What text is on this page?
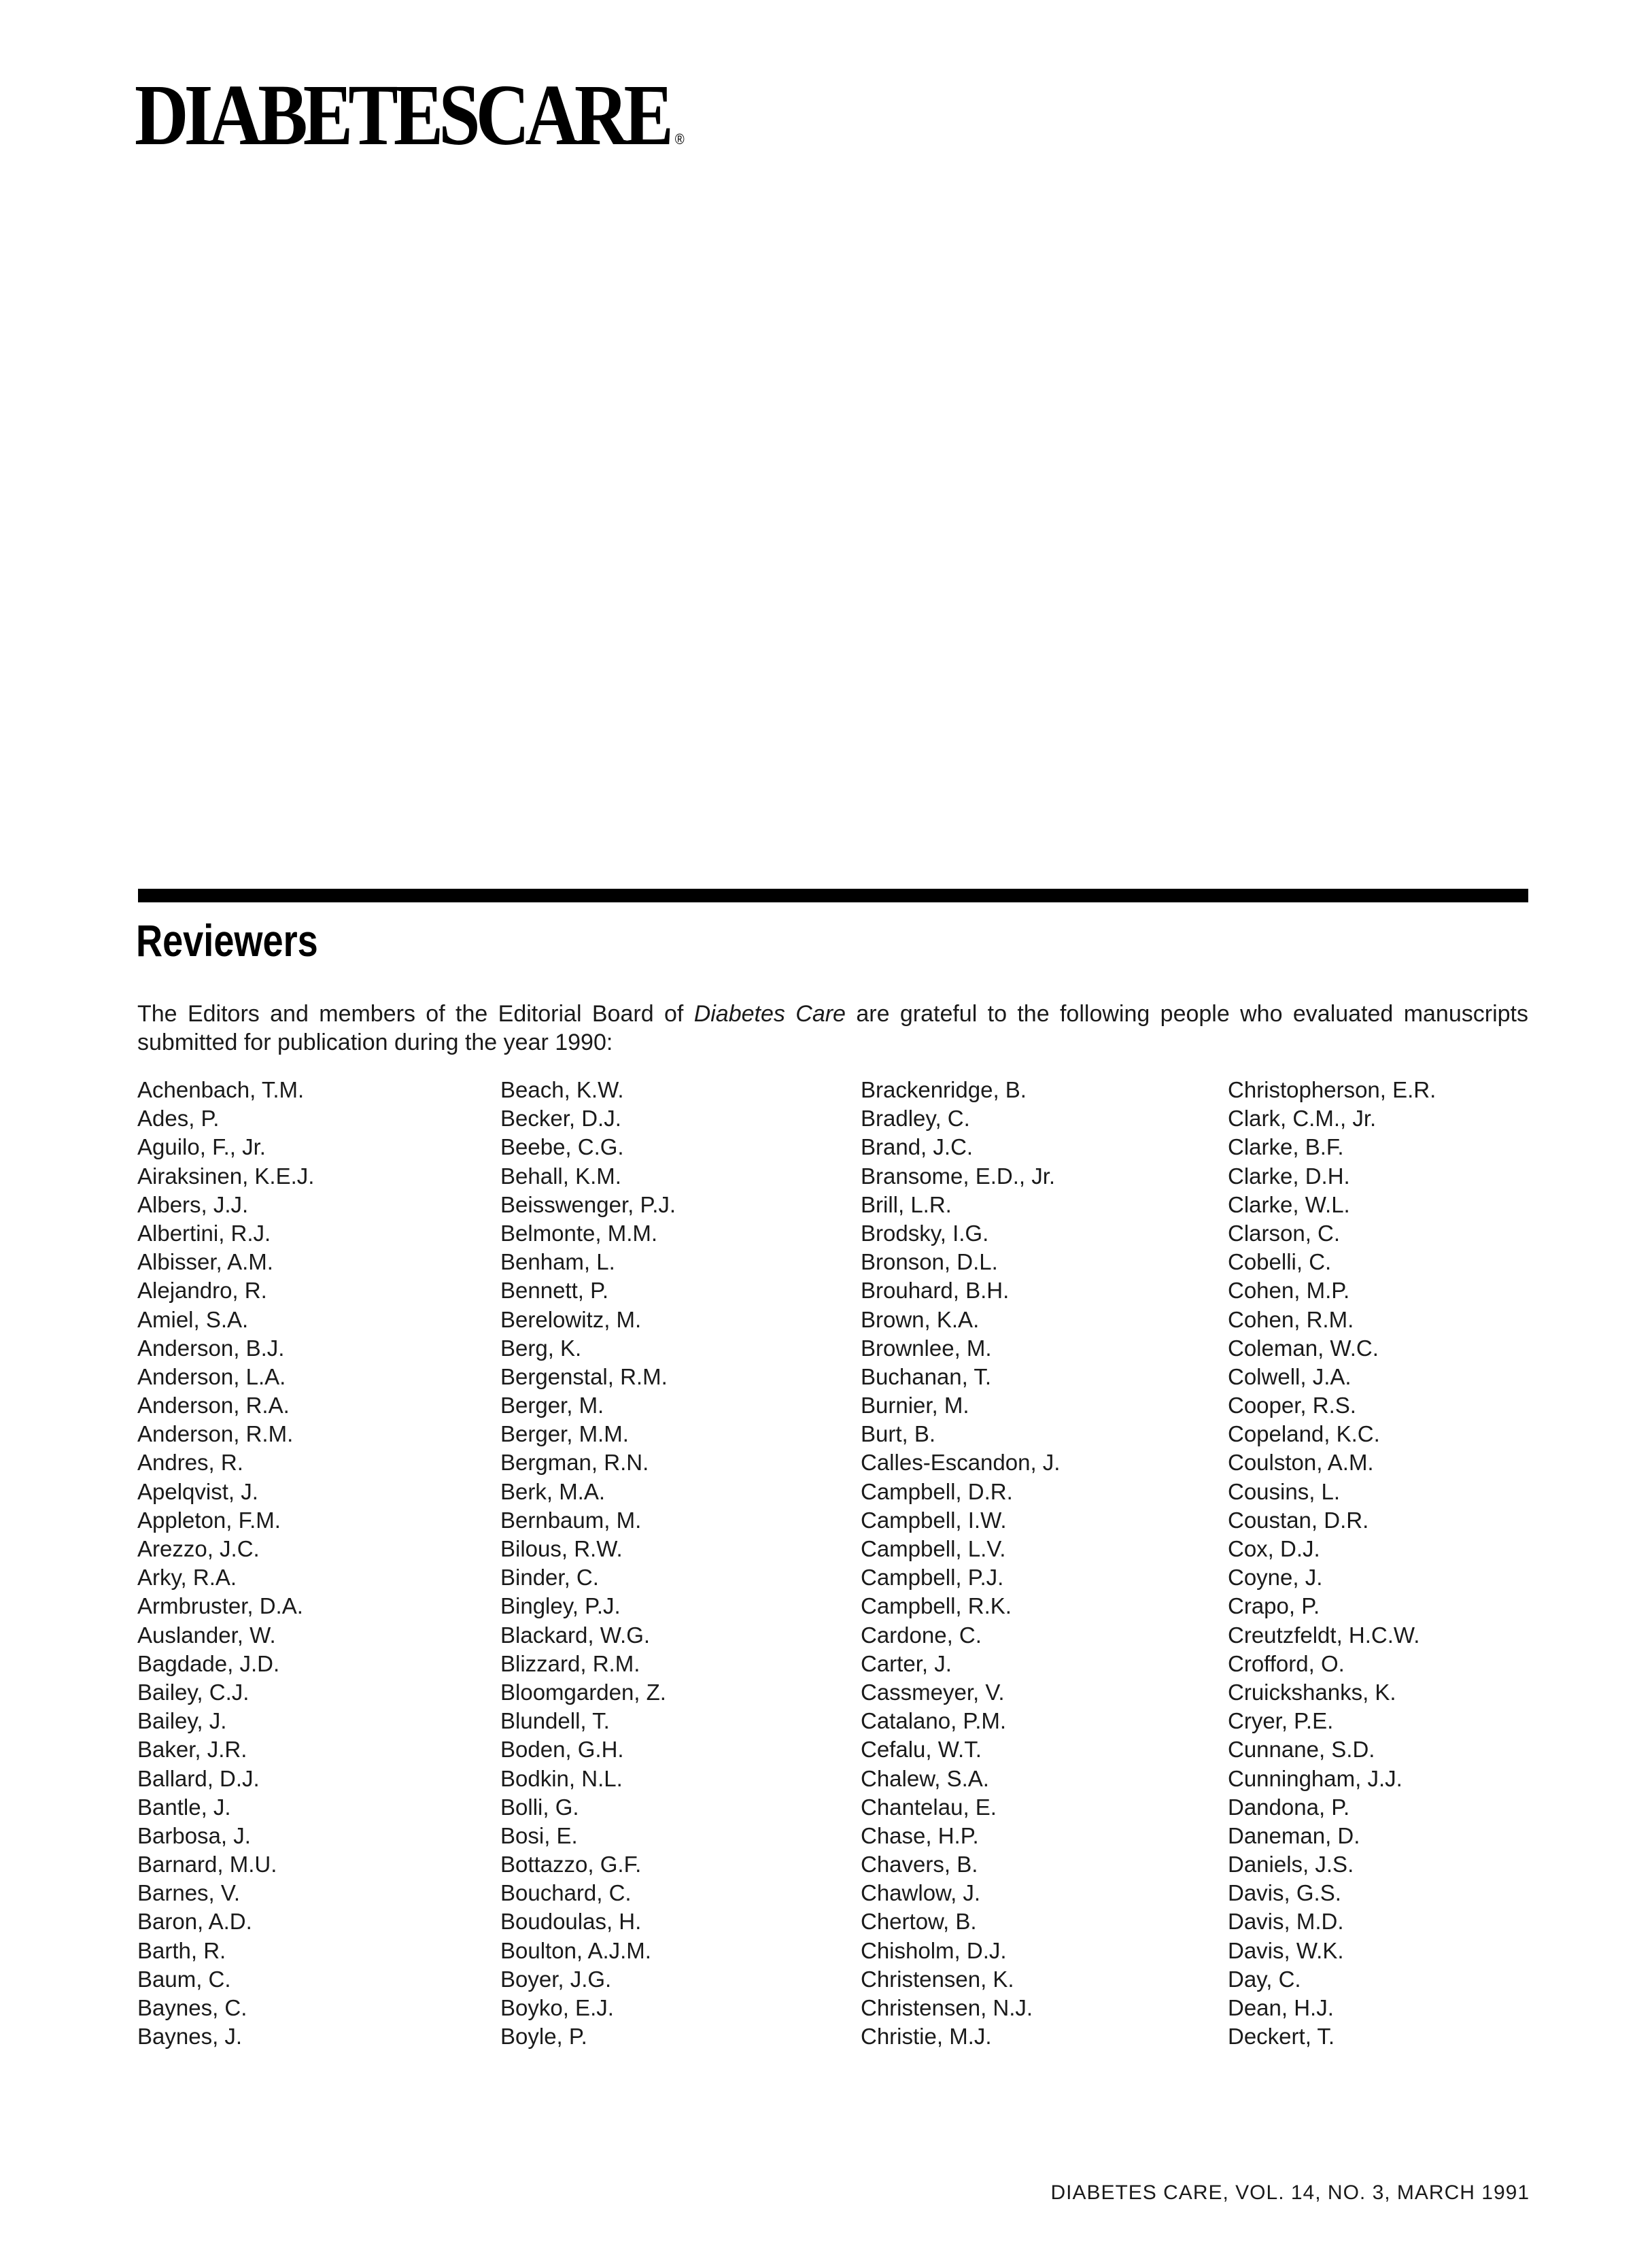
DIABETESCARE ®
Reviewers

The Editors and members of the Editorial Board of Diabetes Care are grateful to the following people who evaluated manuscripts submitted for publication during the year 1990:

Achenbach, T.M.
Ades, P.
Aguilo, F., Jr.
Airaksinen, K.E.J.
Albers, J.J.
Albertini, R.J.
Albisser, A.M.
Alejandro, R.
Amiel, S.A.
Anderson, B.J.
Anderson, L.A.
Anderson, R.A.
Anderson, R.M.
Andres, R.
Apelqvist, J.
Appleton, F.M.
Arezzo, J.C.
Arky, R.A.
Armbruster, D.A.
Auslander, W.
Bagdade, J.D.
Bailey, C.J.
Bailey, J.
Baker, J.R.
Ballard, D.J.
Bantle, J.
Barbosa, J.
Barnard, M.U.
Barnes, V.
Baron, A.D.
Barth, R.
Baum, C.
Baynes, C.
Baynes, J.
Beach, K.W.
Becker, D.J.
Beebe, C.G.
Behall, K.M.
Beisswenger, P.J.
Belmonte, M.M.
Benham, L.
Bennett, P.
Berelowitz, M.
Berg, K.
Bergenstal, R.M.
Berger, M.
Berger, M.M.
Bergman, R.N.
Berk, M.A.
Bernbaum, M.
Bilous, R.W.
Binder, C.
Bingley, P.J.
Blackard, W.G.
Blizzard, R.M.
Bloomgarden, Z.
Blundell, T.
Boden, G.H.
Bodkin, N.L.
Bolli, G.
Bosi, E.
Bottazzo, G.F.
Bouchard, C.
Boudoulas, H.
Boulton, A.J.M.
Boyer, J.G.
Boyko, E.J.
Boyle, P.
Brackenridge, B.
Bradley, C.
Brand, J.C.
Bransome, E.D., Jr.
Brill, L.R.
Brodsky, I.G.
Bronson, D.L.
Brouhard, B.H.
Brown, K.A.
Brownlee, M.
Buchanan, T.
Burnier, M.
Burt, B.
Calles-Escandon, J.
Campbell, D.R.
Campbell, I.W.
Campbell, L.V.
Campbell, P.J.
Campbell, R.K.
Cardone, C.
Carter, J.
Cassmeyer, V.
Catalano, P.M.
Cefalu, W.T.
Chalew, S.A.
Chantelau, E.
Chase, H.P.
Chavers, B.
Chawlow, J.
Chertow, B.
Chisholm, D.J.
Christensen, K.
Christensen, N.J.
Christie, M.J.
Christopherson, E.R.
Clark, C.M., Jr.
Clarke, B.F.
Clarke, D.H.
Clarke, W.L.
Clarson, C.
Cobelli, C.
Cohen, M.P.
Cohen, R.M.
Coleman, W.C.
Colwell, J.A.
Cooper, R.S.
Copeland, K.C.
Coulston, A.M.
Cousins, L.
Coustan, D.R.
Cox, D.J.
Coyne, J.
Crapo, P.
Creutzfeldt, H.C.W.
Crofford, O.
Cruickshanks, K.
Cryer, P.E.
Cunnane, S.D.
Cunningham, J.J.
Dandona, P.
Daneman, D.
Daniels, J.S.
Davis, G.S.
Davis, M.D.
Davis, W.K.
Day, C.
Dean, H.J.
Deckert, T.
DIABETES CARE, VOL. 14, NO. 3, MARCH 1991
